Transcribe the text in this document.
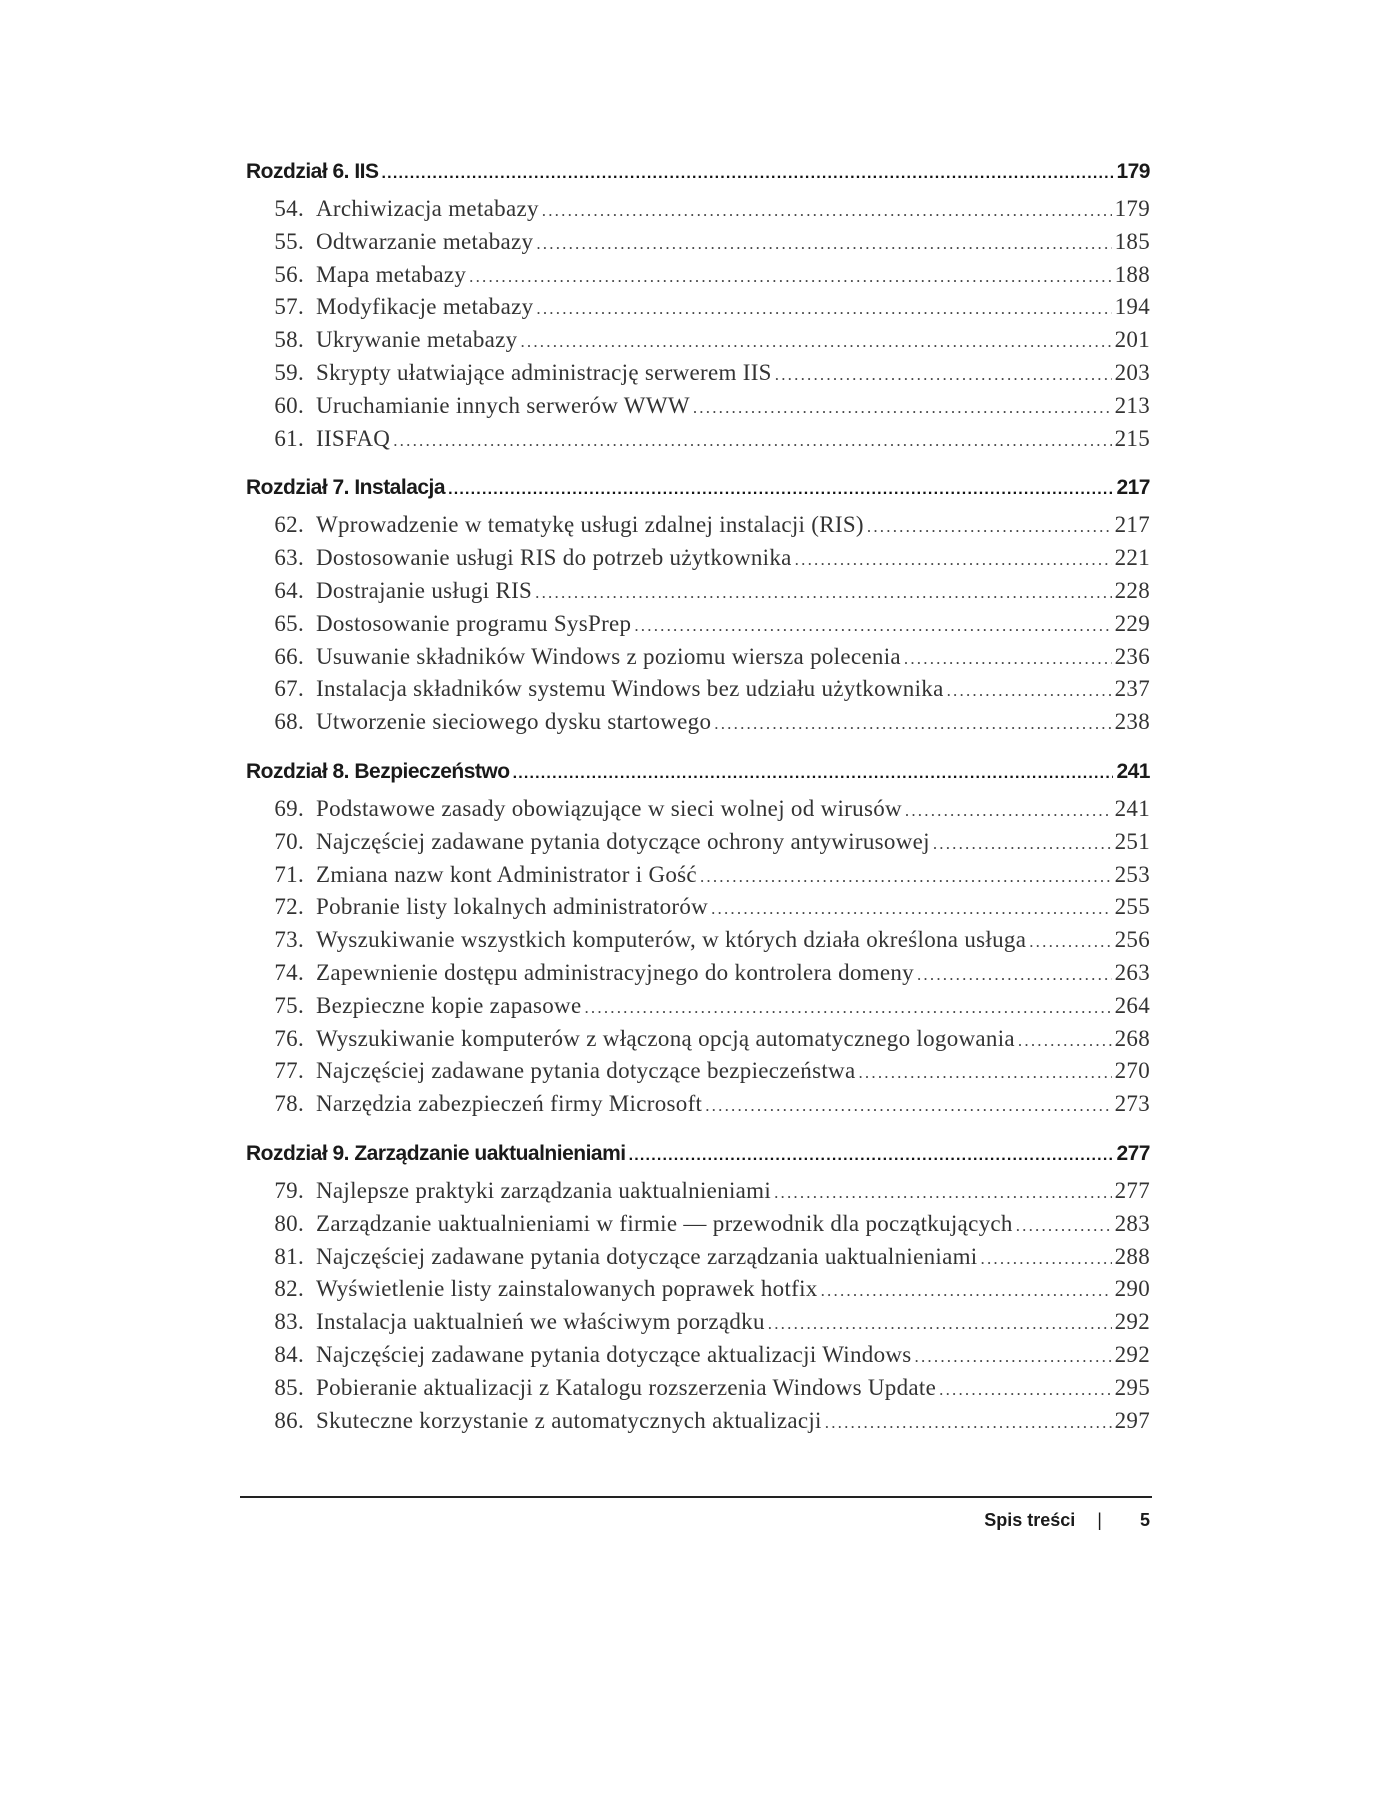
Rozdział 6. IIS .....	179
54. Archiwizacja metabazy .....	179
55. Odtwarzanie metabazy .....	185
56. Mapa metabazy .....	188
57. Modyfikacje metabazy .....	194
58. Ukrywanie metabazy .....	201
59. Skrypty ułatwiające administrację serwerem IIS .....	203
60. Uruchamianie innych serwerów WWW .....	213
61. IISFAQ .....	215
Rozdział 7. Instalacja .....	217
62. Wprowadzenie w tematykę usługi zdalnej instalacji (RIS) .....	217
63. Dostosowanie usługi RIS do potrzeb użytkownika .....	221
64. Dostrajanie usługi RIS .....	228
65. Dostosowanie programu SysPrep .....	229
66. Usuwanie składników Windows z poziomu wiersza polecenia .....	236
67. Instalacja składników systemu Windows bez udziału użytkownika .....	237
68. Utworzenie sieciowego dysku startowego .....	238
Rozdział 8. Bezpieczeństwo .....	241
69. Podstawowe zasady obowiązujące w sieci wolnej od wirusów .....	241
70. Najczęściej zadawane pytania dotyczące ochrony antywirusowej .....	251
71. Zmiana nazw kont Administrator i Gość .....	253
72. Pobranie listy lokalnych administratorów .....	255
73. Wyszukiwanie wszystkich komputerów, w których działa określona usługa .....	256
74. Zapewnienie dostępu administracyjnego do kontrolera domeny .....	263
75. Bezpieczne kopie zapasowe .....	264
76. Wyszukiwanie komputerów z włączoną opcją automatycznego logowania .....	268
77. Najczęściej zadawane pytania dotyczące bezpieczeństwa .....	270
78. Narzędzia zabezpieczeń firmy Microsoft .....	273
Rozdział 9. Zarządzanie uaktualnieniami .....	277
79. Najlepsze praktyki zarządzania uaktualnieniami .....	277
80. Zarządzanie uaktualnieniami w firmie — przewodnik dla początkujących .....	283
81. Najczęściej zadawane pytania dotyczące zarządzania uaktualnieniami .....	288
82. Wyświetlenie listy zainstalowanych poprawek hotfix .....	290
83. Instalacja uaktualnień we właściwym porządku .....	292
84. Najczęściej zadawane pytania dotyczące aktualizacji Windows .....	292
85. Pobieranie aktualizacji z Katalogu rozszerzenia Windows Update .....	295
86. Skuteczne korzystanie z automatycznych aktualizacji .....	297
Spis treści | 5
